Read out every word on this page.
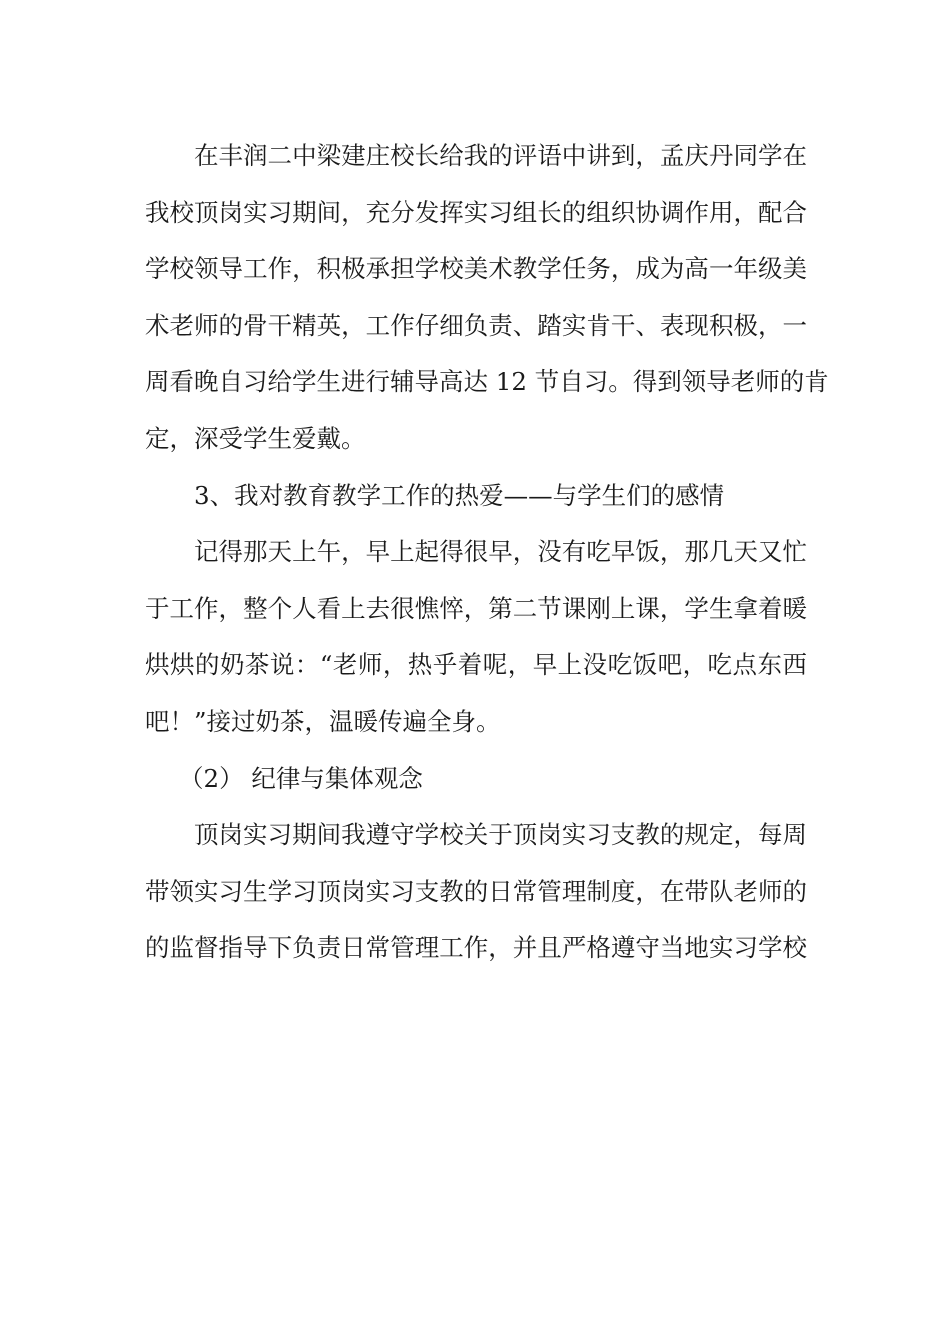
在丰润二中梁建庄校长给我的评语中讲到，孟庆丹同学在
我校顶岗实习期间，充分发挥实习组长的组织协调作用，配合
学校领导工作，积极承担学校美术教学任务，成为高一年级美
术老师的骨干精英，工作仔细负责、踏实肯干、表现积极，一
周看晚自习给学生进行辅导高达 12 节自习。得到领导老师的肯
定，深受学生爱戴。
3、我对教育教学工作的热爱——与学生们的感情
记得那天上午，早上起得很早，没有吃早饭，那几天又忙
于工作，整个人看上去很憔悴，第二节课刚上课，学生拿着暖
烘烘的奶茶说：“老师，热乎着呢，早上没吃饭吧，吃点东西
吧！”接过奶茶，温暖传遍全身。
（2） 纪律与集体观念
顶岗实习期间我遵守学校关于顶岗实习支教的规定，每周
带领实习生学习顶岗实习支教的日常管理制度，在带队老师的
的监督指导下负责日常管理工作，并且严格遵守当地实习学校
